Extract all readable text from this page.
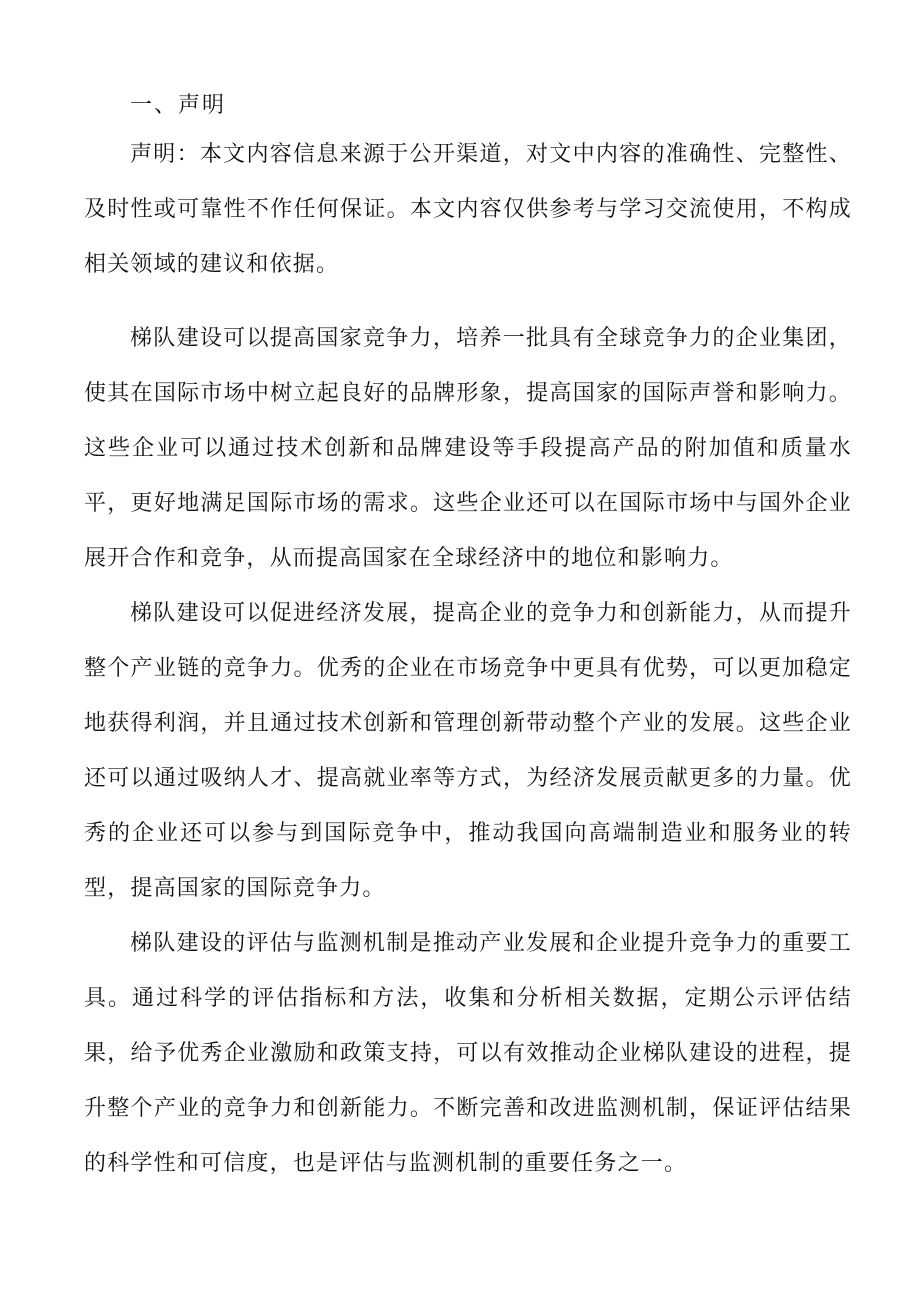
一、声明

声明：本文内容信息来源于公开渠道，对文中内容的准确性、完整性、及时性或可靠性不作任何保证。本文内容仅供参考与学习交流使用，不构成相关领域的建议和依据。

梯队建设可以提高国家竞争力，培养一批具有全球竞争力的企业集团，使其在国际市场中树立起良好的品牌形象，提高国家的国际声誉和影响力。这些企业可以通过技术创新和品牌建设等手段提高产品的附加值和质量水平，更好地满足国际市场的需求。这些企业还可以在国际市场中与国外企业展开合作和竞争，从而提高国家在全球经济中的地位和影响力。

梯队建设可以促进经济发展，提高企业的竞争力和创新能力，从而提升整个产业链的竞争力。优秀的企业在市场竞争中更具有优势，可以更加稳定地获得利润，并且通过技术创新和管理创新带动整个产业的发展。这些企业还可以通过吸纳人才、提高就业率等方式，为经济发展贡献更多的力量。优秀的企业还可以参与到国际竞争中，推动我国向高端制造业和服务业的转型，提高国家的国际竞争力。

梯队建设的评估与监测机制是推动产业发展和企业提升竞争力的重要工具。通过科学的评估指标和方法，收集和分析相关数据，定期公示评估结果，给予优秀企业激励和政策支持，可以有效推动企业梯队建设的进程，提升整个产业的竞争力和创新能力。不断完善和改进监测机制，保证评估结果的科学性和可信度，也是评估与监测机制的重要任务之一。
